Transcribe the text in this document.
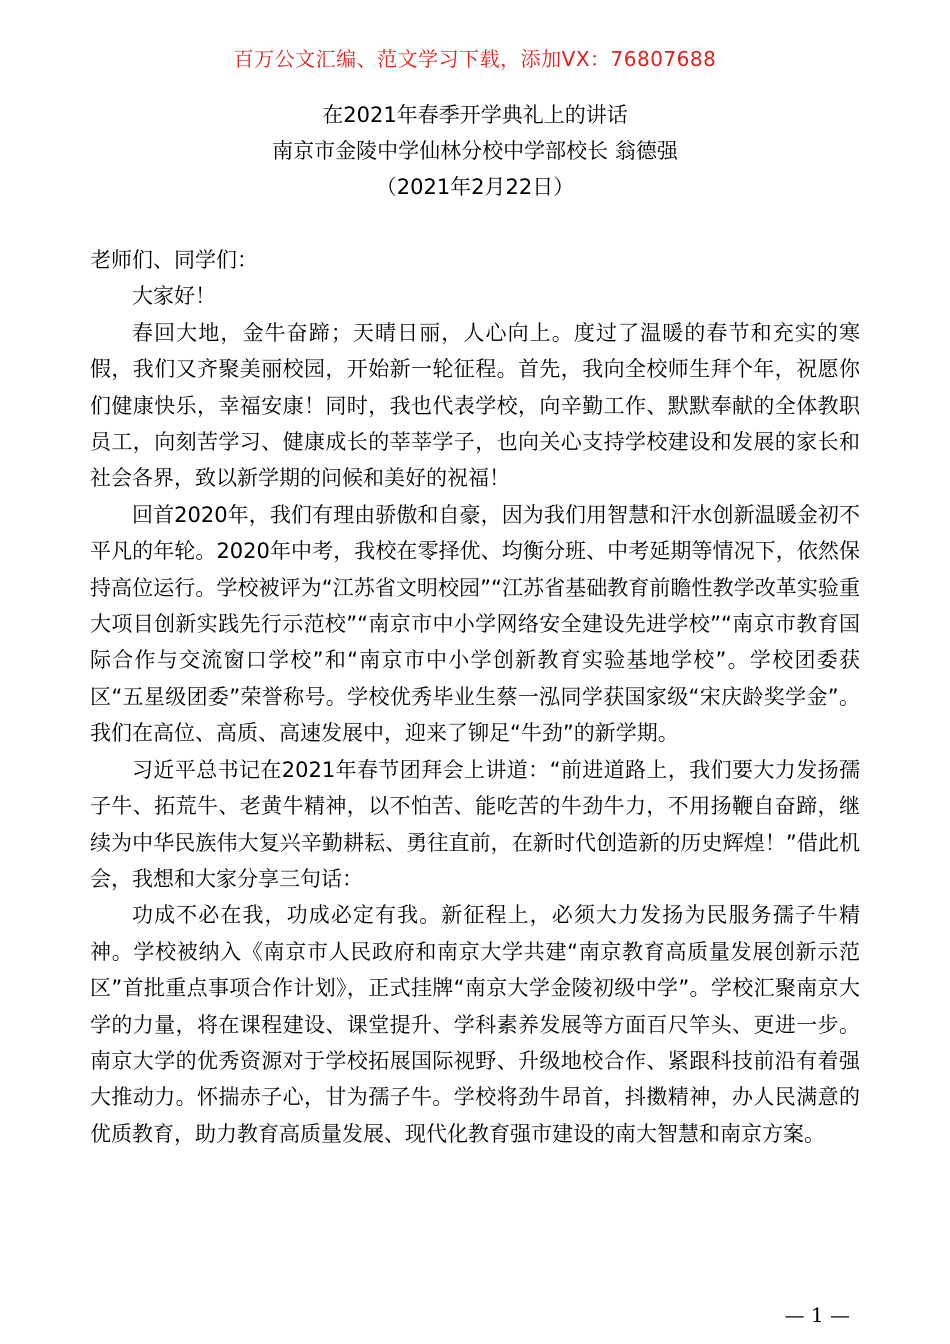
百万公文汇编、范文学习下载，添加VX：76807688
在2021年春季开学典礼上的讲话
南京市金陵中学仙林分校中学部校长 翁德强
（2021年2月22日）

老师们、同学们：

大家好！

春回大地，金牛奋蹄；天晴日丽，人心向上。度过了温暖的春节和充实的寒假，我们又齐聚美丽校园，开始新一轮征程。首先，我向全校师生拜个年，祝愿你们健康快乐，幸福安康！同时，我也代表学校，向辛勤工作、默默奉献的全体教职员工，向刻苦学习、健康成长的莘莘学子，也向关心支持学校建设和发展的家长和社会各界，致以新学期的问候和美好的祝福！

回首2020年，我们有理由骄傲和自豪，因为我们用智慧和汗水创新温暖金初不平凡的年轮。2020年中考，我校在零择优、均衡分班、中考延期等情况下，依然保持高位运行。学校被评为“江苏省文明校园”“江苏省基础教育前瞻性教学改革实验重大项目创新实践先行示范校”“南京市中小学网络安全建设先进学校”“南京市教育国际合作与交流窗口学校”和“南京市中小学创新教育实验基地学校”。学校团委获区“五星级团委”荣誉称号。学校优秀毕业生蔡一泓同学获国家级“宋庆龄奖学金”。我们在高位、高质、高速发展中，迎来了铆足“牛劲”的新学期。

习近平总书记在2021年春节团拜会上讲道：“前进道路上，我们要大力发扬孺子牛、拓荒牛、老黄牛精神，以不怕苦、能吃苦的牛劲牛力，不用扬鞭自奋蹄，继续为中华民族伟大复兴辛勤耕耘、勇往直前，在新时代创造新的历史辉煌！”借此机会，我想和大家分享三句话：

功成不必在我，功成必定有我。新征程上，必须大力发扬为民服务孺子牛精神。学校被纳入《南京市人民政府和南京大学共建“南京教育高质量发展创新示范区”首批重点事项合作计划》，正式挂牌“南京大学金陵初级中学”。学校汇聚南京大学的力量，将在课程建设、课堂提升、学科素养发展等方面百尺竿头、更进一步。南京大学的优秀资源对于学校拓展国际视野、升级地校合作、紧跟科技前沿有着强大推动力。怀揣赤子心，甘为孺子牛。学校将劲牛昂首，抖擞精神，办人民满意的优质教育，助力教育高质量发展、现代化教育强市建设的南大智慧和南京方案。

— 1 —
